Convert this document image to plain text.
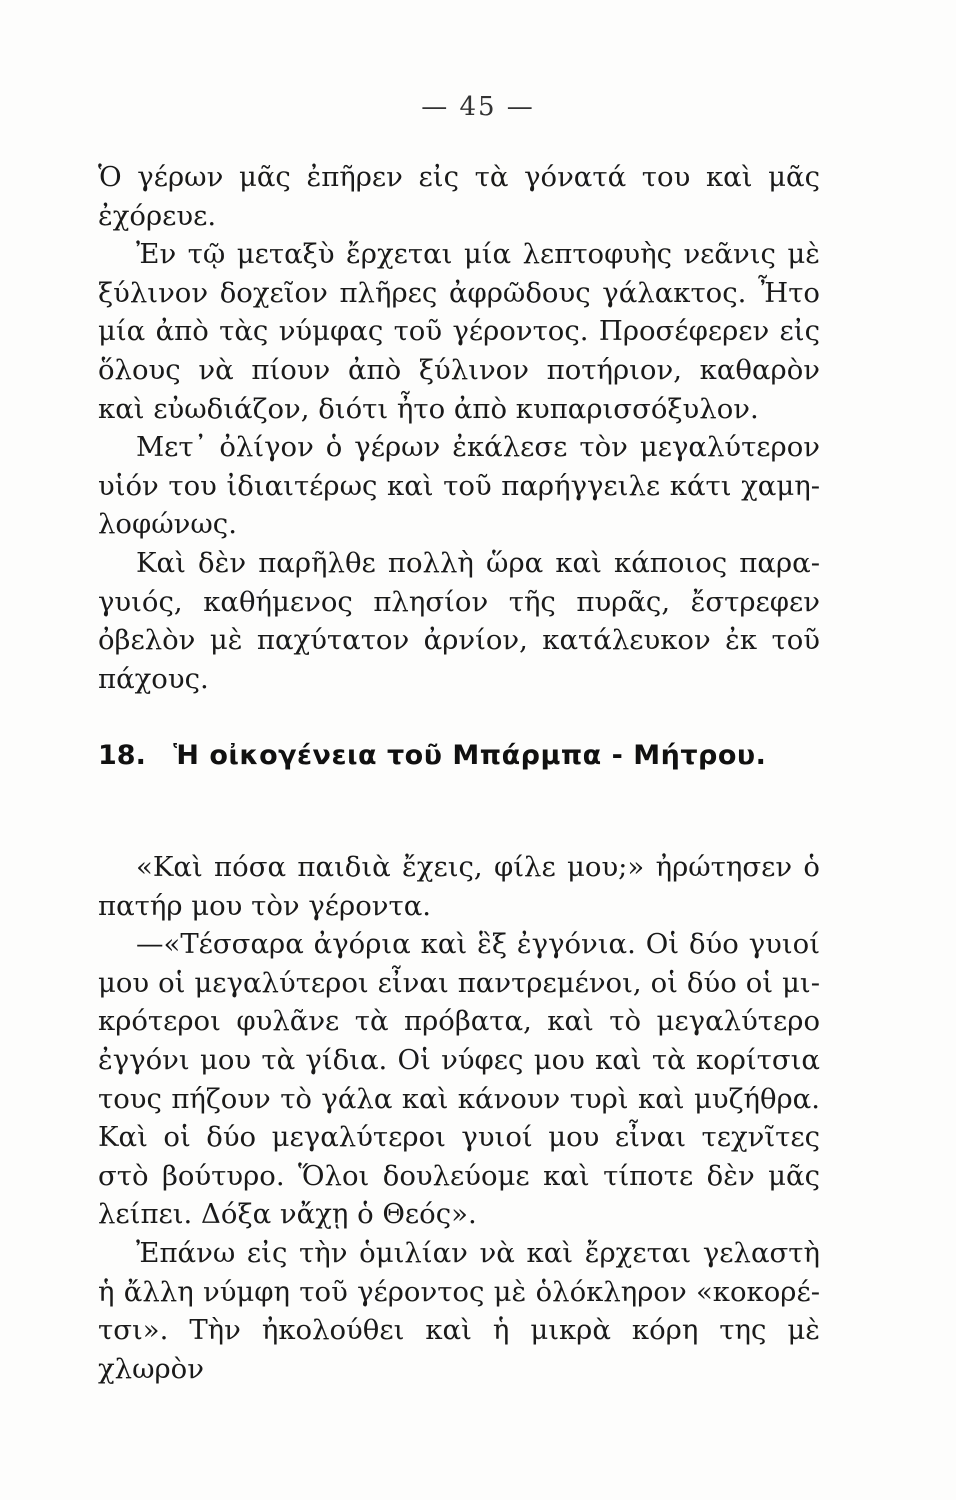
— 45 —

Ὁ γέρων μᾶς ἐπῆρεν εἰς τὰ γόνατά του καὶ μᾶς ἐχόρευε.

Ἐν τῷ μεταξὺ ἔρχεται μία λεπτοφυὴς νεᾶνις μὲ ξύλινον δοχεῖον πλῆρες ἀφρῶδους γάλακτος. Ἦτο μία ἀπὸ τὰς νύμφας τοῦ γέροντος. Προσέφερεν εἰς ὅλους νὰ πίουν ἀπὸ ξύλινον ποτήριον, καθαρὸν καὶ εὐωδιάζον, διότι ἦτο ἀπὸ κυπαρισσόξυλον.

Μετ᾽ ὀλίγον ὁ γέρων ἐκάλεσε τὸν μεγαλύτερον υἱόν του ἰδιαιτέρως καὶ τοῦ παρήγγειλε κάτι χαμηλοφώνως.

Καὶ δὲν παρῆλθε πολλὴ ὥρα καὶ κάποιος παραγυιός, καθήμενος πλησίον τῆς πυρᾶς, ἔστρεφεν ὀβελὸν μὲ παχύτατον ἀρνίον, κατάλευκον ἐκ τοῦ πάχους.

18. Ἡ οἰκογένεια τοῦ Μπάρμπα - Μήτρου.

«Καὶ πόσα παιδιὰ ἔχεις, φίλε μου;» ἠρώτησεν ὁ πατήρ μου τὸν γέροντα.

—«Τέσσαρα ἀγόρια καὶ ἓξ ἐγγόνια. Οἱ δύο γυιοί μου οἱ μεγαλύτεροι εἶναι παντρεμένοι, οἱ δύο οἱ μικρότεροι φυλᾶνε τὰ πρόβατα, καὶ τὸ μεγαλύτερο ἐγγόνι μου τὰ γίδια. Οἱ νύφες μου καὶ τὰ κορίτσια τους πήζουν τὸ γάλα καὶ κάνουν τυρὶ καὶ μυζήθρα. Καὶ οἱ δύο μεγαλύτεροι γυιοί μου εἶναι τεχνῖτες στὸ βούτυρο. Ὅλοι δουλεύομε καὶ τίποτε δὲν μᾶς λείπει. Δόξα νἄχῃ ὁ Θεός».

Ἐπάνω εἰς τὴν ὁμιλίαν νὰ καὶ ἔρχεται γελαστὴ ἡ ἄλλη νύμφη τοῦ γέροντος μὲ ὁλόκληρον «κοκορέτσι». Τὴν ἠκολούθει καὶ ἡ μικρὰ κόρη της μὲ χλωρὸν
